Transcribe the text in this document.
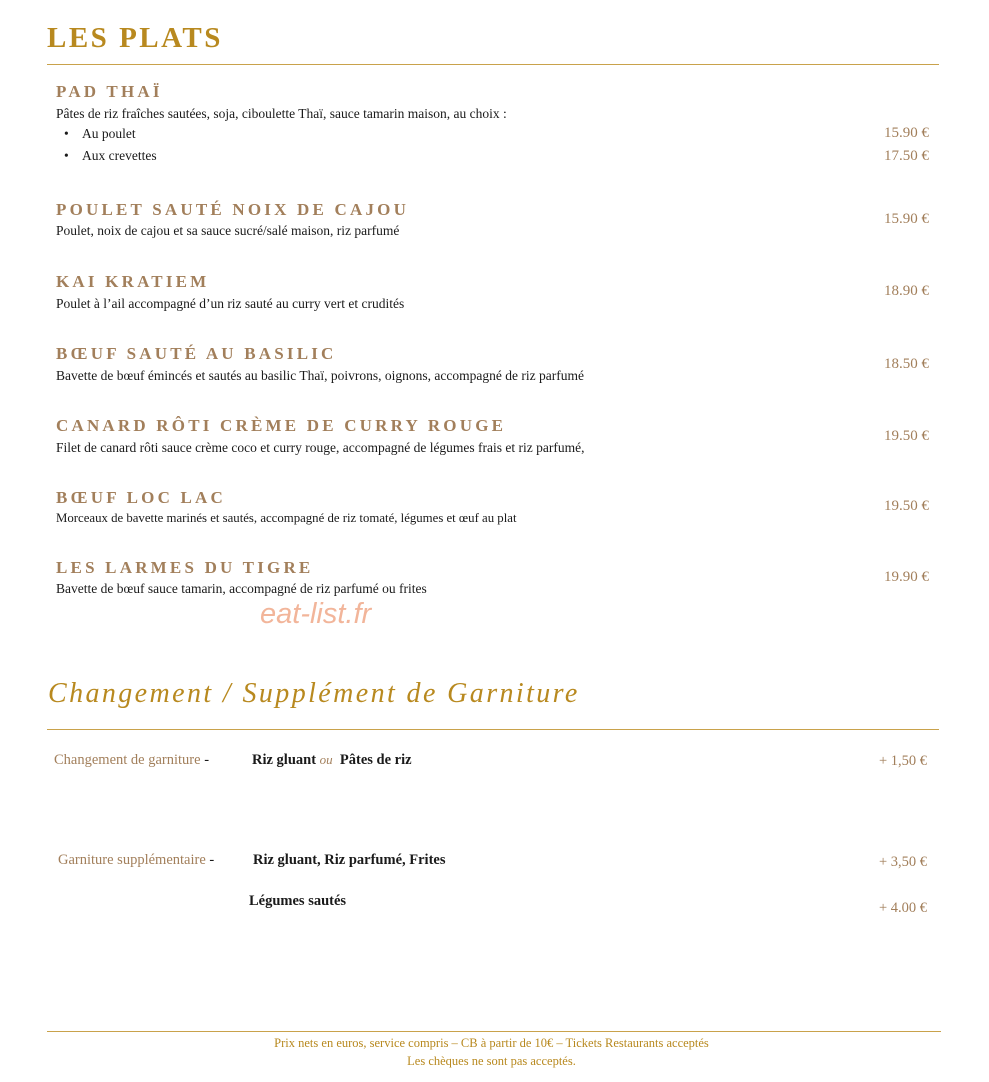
LES PLATS
PAD THAÏ
Pâtes de riz fraîches sautées, soja, ciboulette Thaï, sauce tamarin maison, au choix :
• Au poulet	15.90 €
• Aux crevettes	17.50 €
POULET SAUTÉ NOIX DE CAJOU
Poulet, noix de cajou et sa sauce sucré/salé maison, riz parfumé
15.90 €
KAI KRATIEM
Poulet à l’ail accompagné d’un riz sauté au curry vert et crudités
18.90 €
BŒUF SAUTÉ AU BASILIC
Bavette de bœuf émincés et sautés au basilic Thaï, poivrons, oignons, accompagné de riz parfumé
18.50 €
CANARD RÔTI CRÈME DE CURRY ROUGE
Filet de canard rôti sauce crème coco et curry rouge, accompagné de légumes frais et riz parfumé,
19.50 €
BŒUF LOC LAC
Morceaux de bavette marinés et sautés, accompagné de riz tomaté, légumes et œuf au plat
19.50 €
LES LARMES DU TIGRE
Bavette de bœuf sauce tamarin, accompagné de riz parfumé ou frites
19.90 €
eat-list.fr
Changement / Supplément de Garniture
Changement de garniture -	Riz gluant ou Pâtes de riz	+ 1,50 €
Garniture supplémentaire -	Riz gluant, Riz parfumé, Frites	+ 3,50 €
Légumes sautés	+ 4.00 €
Prix nets en euros, service compris – CB à partir de 10€ – Tickets Restaurants acceptés
Les chèques ne sont pas acceptés.
